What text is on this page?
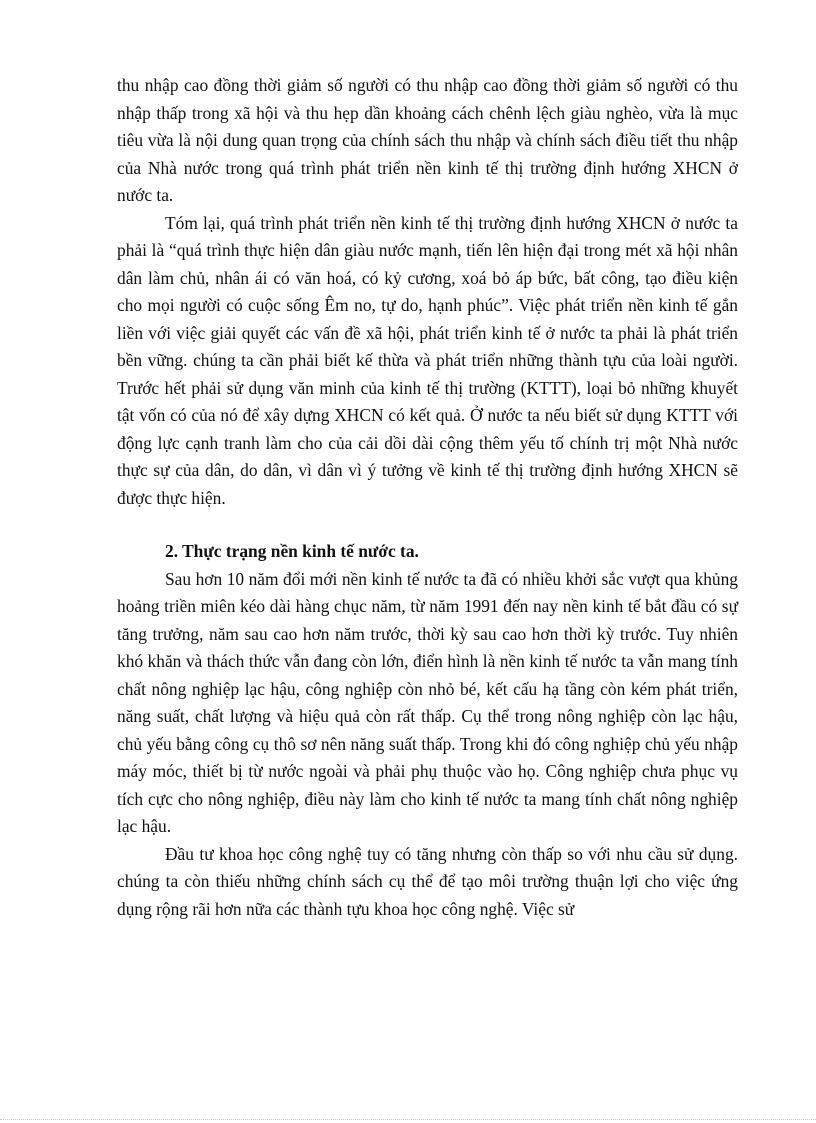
thu nhập cao đồng thời giảm số người có thu nhập cao đồng thời giảm số người có thu nhập thấp trong xã hội và thu hẹp dần khoảng cách chênh lệch giàu nghèo, vừa là mục tiêu vừa là nội dung quan trọng của chính sách thu nhập và chính sách điều tiết thu nhập của Nhà nước trong quá trình phát triển nền kinh tế thị trường định hướng XHCN ở nước ta.

Tóm lại, quá trình phát triển nền kinh tế thị trường định hướng XHCN ở nước ta phải là “quá trình thực hiện dân giàu nước mạnh, tiến lên hiện đại trong mét xã hội nhân dân làm chủ, nhân ái có văn hoá, có kỷ cương, xoá bỏ áp bức, bất công, tạo điều kiện cho mọi người có cuộc sống Êm no, tự do, hạnh phúc”. Việc phát triển nền kinh tế gắn liền với việc giải quyết các vấn đề xã hội, phát triển kinh tế ở nước ta phải là phát triển bền vững. chúng ta cần phải biết kế thừa và phát triển những thành tựu của loài người. Trước hết phải sử dụng văn minh của kinh tế thị trường (KTTT), loại bỏ những khuyết tật vốn có của nó để xây dựng XHCN có kết quả. Ở nước ta nếu biết sử dụng KTTT với động lực cạnh tranh làm cho của cải dồi dài cộng thêm yếu tố chính trị một Nhà nước thực sự của dân, do dân, vì dân vì ý tưởng về kinh tế thị trường định hướng XHCN sẽ được thực hiện.

2. Thực trạng nền kinh tế nước ta.

Sau hơn 10 năm đổi mới nền kinh tế nước ta đã có nhiều khởi sắc vượt qua khủng hoảng triền miên kéo dài hàng chục năm, từ năm 1991 đến nay nền kinh tế bắt đầu có sự tăng trưởng, năm sau cao hơn năm trước, thời kỳ sau cao hơn thời kỳ trước. Tuy nhiên khó khăn và thách thức vẫn đang còn lớn, điển hình là nền kinh tế nước ta vẫn mang tính chất nông nghiệp lạc hậu, công nghiệp còn nhỏ bé, kết cấu hạ tầng còn kém phát triển, năng suất, chất lượng và hiệu quả còn rất thấp. Cụ thể trong nông nghiệp còn lạc hậu, chủ yếu bằng công cụ thô sơ nên năng suất thấp. Trong khi đó công nghiệp chủ yếu nhập máy móc, thiết bị từ nước ngoài và phải phụ thuộc vào họ. Công nghiệp chưa phục vụ tích cực cho nông nghiệp, điều này làm cho kinh tế nước ta mang tính chất nông nghiệp lạc hậu.

Đầu tư khoa học công nghệ tuy có tăng nhưng còn thấp so với nhu cầu sử dụng. chúng ta còn thiếu những chính sách cụ thể để tạo môi trường thuận lợi cho việc ứng dụng rộng rãi hơn nữa các thành tựu khoa học công nghệ. Việc sử
